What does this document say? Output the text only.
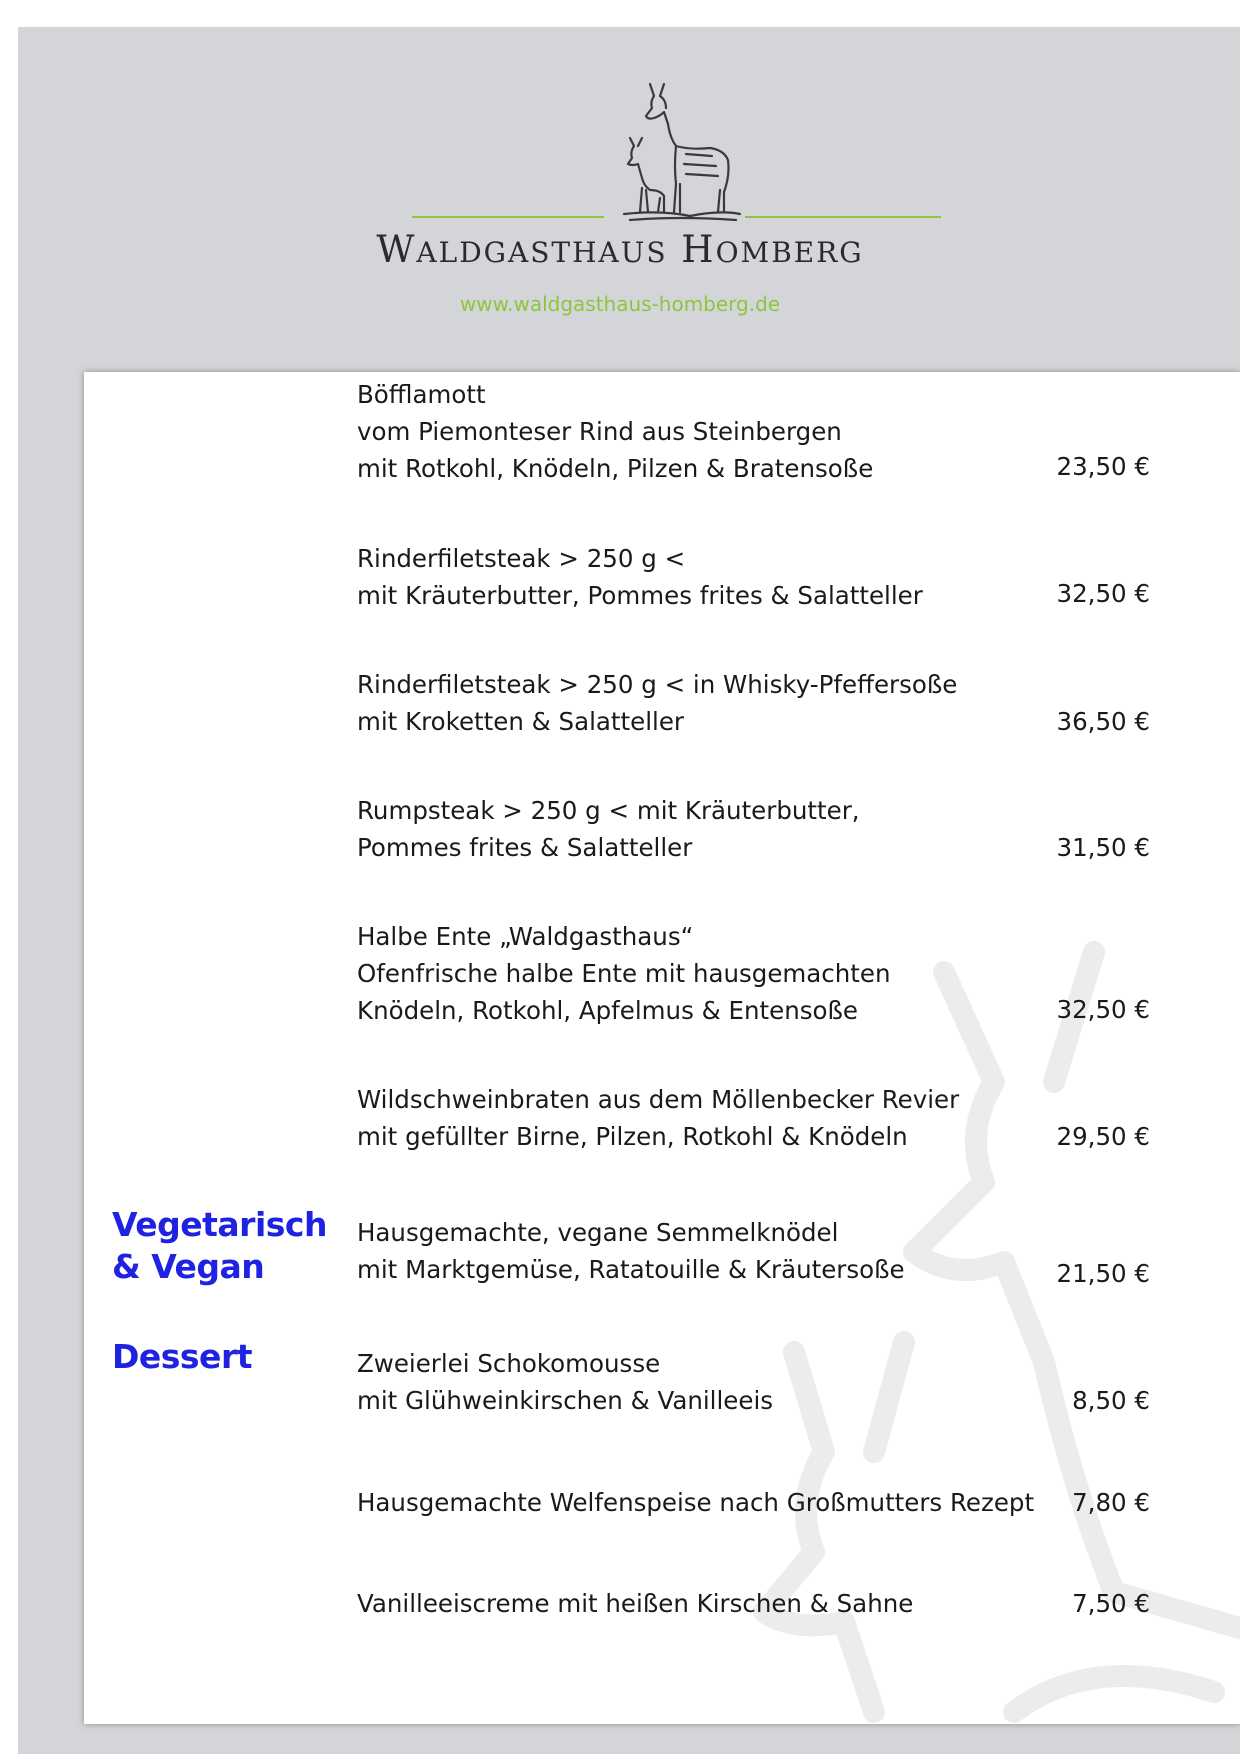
WALDGASTHAUS HOMBERG
www.waldgasthaus-homberg.de
Vegetarisch
& Vegan
Dessert
Böfflamott
vom Piemonteser Rind aus Steinbergen
mit Rotkohl, Knödeln, Pilzen & Bratensoße	23,50 €
Rinderfiletsteak > 250 g <
mit Kräuterbutter, Pommes frites & Salatteller	32,50 €
Rinderfiletsteak > 250 g < in Whisky-Pfeffersoße
mit Kroketten & Salatteller	36,50 €
Rumpsteak > 250 g < mit Kräuterbutter,
Pommes frites & Salatteller	31,50 €
Halbe Ente „Waldgasthaus“
Ofenfrische halbe Ente mit hausgemachten
Knödeln, Rotkohl, Apfelmus & Entensoße	32,50 €
Wildschweinbraten aus dem Möllenbecker Revier
mit gefüllter Birne, Pilzen, Rotkohl & Knödeln	29,50 €
Hausgemachte, vegane Semmelknödel
mit Marktgemüse, Ratatouille & Kräutersoße	21,50 €
Zweierlei Schokomousse
mit Glühweinkirschen & Vanilleeis	8,50 €
Hausgemachte Welfenspeise nach Großmutters Rezept 7,80 €
Vanilleeiscreme mit heißen Kirschen & Sahne	7,50 €
